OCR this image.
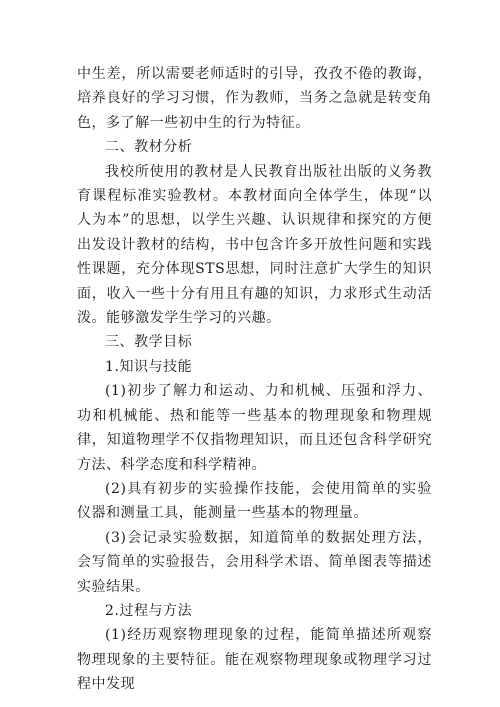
中生差，所以需要老师适时的引导，孜孜不倦的教诲，培养良好的学习习惯，作为教师，当务之急就是转变角色，多了解一些初中生的行为特征。

二、教材分析

我校所使用的教材是人民教育出版社出版的义务教育课程标准实验教材。本教材面向全体学生，体现“以人为本”的思想，以学生兴趣、认识规律和探究的方便出发设计教材的结构，书中包含许多开放性问题和实践性课题，充分体现STS思想，同时注意扩大学生的知识面，收入一些十分有用且有趣的知识，力求形式生动活泼。能够激发学生学习的兴趣。

三、教学目标

1.知识与技能

(1)初步了解力和运动、力和机械、压强和浮力、功和机械能、热和能等一些基本的物理现象和物理规律，知道物理学不仅指物理知识，而且还包含科学研究方法、科学态度和科学精神。

(2)具有初步的实验操作技能，会使用简单的实验仪器和测量工具，能测量一些基本的物理量。

(3)会记录实验数据，知道简单的数据处理方法，会写简单的实验报告，会用科学术语、简单图表等描述实验结果。

2.过程与方法

(1)经历观察物理现象的过程，能简单描述所观察物理现象的主要特征。能在观察物理现象或物理学习过程中发现
